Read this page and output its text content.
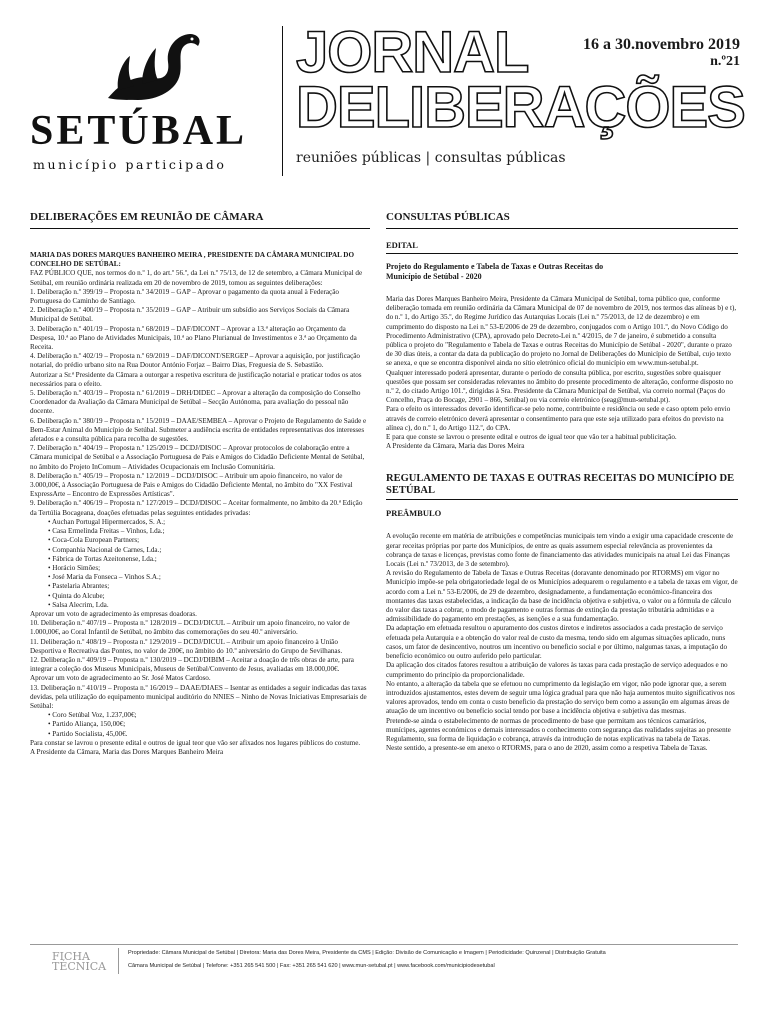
SETÚBAL
município participado
JORNAL
DELIBERAÇÕES
16 a 30.novembro 2019
n.º21
reuniões públicas | consultas públicas
DELIBERAÇÕES EM REUNIÃO DE CÂMARA	CONSULTAS PÚBLICAS

MARIA DAS DORES MARQUES BANHEIRO MEIRA , PRESIDENTE DA CÂMARA MUNICIPAL DO CONCELHO DE SETÚBAL:

FAZ PÚBLICO QUE, nos termos do n.º 1, do art.º 56.º, da Lei n.º 75/13, de 12 de setembro, a Câmara Municipal de Setúbal, em reunião ordinária realizada em 20 de novembro de 2019, tomou as seguintes deliberações:

1. Deliberação n.º 399/19 – Proposta n.º 34/2019 – GAP – Aprovar o pagamento da quota anual à Federação Portuguesa do Caminho de Santiago.

2. Deliberação n.º 400/19 – Proposta n.º 35/2019 – GAP – Atribuir um subsídio aos Serviços Sociais da Câmara Municipal de Setúbal.

3. Deliberação n.º 401/19 – Proposta n.º 68/2019 – DAF/DICONT – Aprovar a 13.ª alteração ao Orçamento da Despesa, 10.ª ao Plano de Atividades Municipais, 10.ª ao Plano Plurianual de Investimentos e 3.ª ao Orçamento da Receita.

4. Deliberação n.º 402/19 – Proposta n.º 69/2019 – DAF/DICONT/SERGEP – Aprovar a aquisição, por justificação notarial, do prédio urbano sito na Rua Doutor António Forjaz – Bairro Dias, Freguesia de S. Sebastião.

Autorizar a Sr.ª Presidente da Câmara a outorgar a respetiva escritura de justificação notarial e praticar todos os atos necessários para o efeito.

5. Deliberação n.º 403/19 – Proposta n.º 61/2019 – DRH/DIDEC – Aprovar a alteração da composição do Conselho Coordenador da Avaliação da Câmara Municipal de Setúbal – Secção Autónoma, para avaliação do pessoal não docente.

6. Deliberação n.º 380/19 – Proposta n.º 15/2019 – DAAE/SEMBEA – Aprovar o Projeto de Regulamento de Saúde e Bem-Estar Animal do Município de Setúbal. Submeter a audiência escrita de entidades representativas dos interesses afetados e a consulta pública para recolha de sugestões.

7. Deliberação n.º 404/19 – Proposta n.º 125/2019 – DCDJ/DISOC – Aprovar protocolos de colaboração entre a Câmara municipal de Setúbal e a Associação Portuguesa de Pais e Amigos do Cidadão Deficiente Mental de Setúbal, no âmbito do Projeto InComum – Atividades Ocupacionais em Inclusão Comunitária.

8. Deliberação n.º 405/19 – Proposta n.º 12/2019 – DCDJ/DISOC – Atribuir um apoio financeiro, no valor de 3.000,00€, à Associação Portuguesa de Pais e Amigos do Cidadão Deficiente Mental, no âmbito do "XX Festival ExpressArte – Encontro de Expressões Artísticas".

9. Deliberação n.º 406/19 – Proposta n.º 127/2019 – DCDJ/DISOC – Aceitar formalmente, no âmbito da 20.ª Edição da Tertúlia Bocageana, doações efetuadas pelas seguintes entidades privadas:

• Auchan Portugal Hipermercados, S. A.;
• Casa Ermelinda Freitas – Vinhos, Lda.;
• Coca-Cola European Partners;
• Companhia Nacional de Carnes, Lda.;
• Fábrica de Tortas Azeitonense, Lda.;
• Horácio Simões;
• José Maria da Fonseca – Vinhos S.A.;
• Pastelaria Abrantes;
• Quinta do Alcube;
• Salsa Alecrim, Lda.

Aprovar um voto de agradecimento às empresas doadoras.

10. Deliberação n.º 407/19 – Proposta n.º 128/2019 – DCDJ/DICUL – Atribuir um apoio financeiro, no valor de 1.000,00€, ao Coral Infantil de Setúbal, no âmbito das comemorações do seu 40.º aniversário.

11. Deliberação n.º 408/19 – Proposta n.º 129/2019 – DCDJ/DICUL – Atribuir um apoio financeiro à União Desportiva e Recreativa das Pontes, no valor de 200€, no âmbito do 10.º aniversário do Grupo de Sevilhanas.

12. Deliberação n.º 409/19 – Proposta n.º 130/2019 – DCDJ/DIBIM – Aceitar a doação de três obras de arte, para integrar a coleção dos Museus Municipais, Museus de Setúbal/Convento de Jesus, avaliadas em 18.000,00€.

Aprovar um voto de agradecimento ao Sr. José Matos Cardoso.

13. Deliberação n.º 410/19 – Proposta n.º 16/2019 – DAAE/DIAES – Isentar as entidades a seguir indicadas das taxas devidas, pela utilização do equipamento municipal auditório do NNIES – Ninho de Novas Iniciativas Empresariais de Setúbal:

• Coro Setúbal Voz, 1.237,00€;
• Partido Aliança, 150,00€;
• Partido Socialista, 45,00€.

Para constar se lavrou o presente edital e outros de igual teor que vão ser afixados nos lugares públicos do costume.

A Presidente da Câmara, Maria das Dores Marques Banheiro Meira

EDITAL
Projeto do Regulamento e Tabela de Taxas e Outras Receitas do Município de Setúbal - 2020

Maria das Dores Marques Banheiro Meira, Presidente da Câmara Municipal de Setúbal, torna público que, conforme deliberação tomada em reunião ordinária da Câmara Municipal de 07 de novembro de 2019, nos termos das alíneas b) e t), do n.º 1, do Artigo 35.º, do Regime Jurídico das Autarquias Locais (Lei n.º 75/2013, de 12 de dezembro) e em cumprimento do disposto na Lei n.º 53-E/2006 de 29 de dezembro, conjugados com o Artigo 101.º, do Novo Código do Procedimento Administrativo (CPA), aprovado pelo Decreto-Lei n.º 4/2015, de 7 de janeiro, é submetido a consulta pública o projeto do "Regulamento e Tabela de Taxas e outras Receitas do Município de Setúbal - 2020", durante o prazo de 30 dias úteis, a contar da data da publicação do projeto no Jornal de Deliberações do Município de Setúbal, cujo texto se anexa, e que se encontra disponível ainda no sítio eletrónico oficial do município em www.mun-setubal.pt.

Qualquer interessado poderá apresentar, durante o período de consulta pública, por escrito, sugestões sobre quaisquer questões que possam ser consideradas relevantes no âmbito do presente procedimento de alteração, conforme disposto no n.º 2, do citado Artigo 101.º, dirigidas à Sra. Presidente da Câmara Municipal de Setúbal, via correio normal (Paços do Concelho, Praça do Bocage, 2901 – 866, Setúbal) ou via correio eletrónico (seag@mun-setubal.pt).

Para o efeito os interessados deverão identificar-se pelo nome, contribuinte e residência ou sede e caso optem pelo envio através de correio eletrónico deverá apresentar o consentimento para que este seja utilizado para efeitos do previsto na alínea c), do n.º 1, do Artigo 112.º, do CPA.

E para que conste se lavrou o presente edital e outros de igual teor que vão ter a habitual publicitação.

A Presidente da Câmara, Maria das Dores Meira

REGULAMENTO DE TAXAS E OUTRAS RECEITAS DO MUNICÍPIO DE SETÚBAL
PREÂMBULO

A evolução recente em matéria de atribuições e competências municipais tem vindo a exigir uma capacidade crescente de gerar receitas próprias por parte dos Municípios, de entre as quais assumem especial relevância as provenientes da cobrança de taxas e licenças, previstas como fonte de financiamento das atividades municipais na atual Lei das Finanças Locais (Lei n.º 73/2013, de 3 de setembro).

A revisão do Regulamento de Tabela de Taxas e Outras Receitas (doravante denominado por RTORMS) em vigor no Município impõe-se pela obrigatoriedade legal de os Municípios adequarem o regulamento e a tabela de taxas em vigor, de acordo com a Lei n.º 53-E/2006, de 29 de dezembro, designadamente, a fundamentação económico-financeira dos montantes das taxas estabelecidas, a indicação da base de incidência objetiva e subjetiva, o valor ou a fórmula de cálculo do valor das taxas a cobrar, o modo de pagamento e outras formas de extinção da prestação tributária admitidas e a admissibilidade do pagamento em prestações, as isenções e a sua fundamentação.

Da adaptação em efetuada resultou o apuramento dos custos diretos e indiretos associados a cada prestação de serviço efetuada pela Autarquia e a obtenção do valor real de custo da mesma, tendo sido em algumas situações aplicado, nuns casos, um fator de desincentivo, noutros um incentivo ou beneficio social e por último, nalgumas taxas, a imputação do benefício económico ou outro auferido pelo particular.

Da aplicação dos citados fatores resultou a atribuição de valores às taxas para cada prestação de serviço adequados e no cumprimento do princípio da proporcionalidade.

No entanto, a alteração da tabela que se efetuou no cumprimento da legislação em vigor, não pode ignorar que, a serem introduzidos ajustamentos, estes devem de seguir uma lógica gradual para que não haja aumentos muito significativos nos valores aprovados, tendo em conta o custo beneficio da prestação do serviço bem como a assunção em algumas áreas de atuação de um incentivo ou benefício social tendo por base a incidência objetiva e subjetiva das mesmas.

Pretende-se ainda o estabelecimento de normas de procedimento de base que permitam aos técnicos camarários, munícipes, agentes económicos e demais interessados o conhecimento com segurança das realidades sujeitas ao presente Regulamento, sua forma de liquidação e cobrança, através da introdução de notas explicativas na tabela de Taxas.

Neste sentido, a presente-se em anexo o RTORMS, para o ano de 2020, assim como a respetiva Tabela de Taxas.

FICHA TÉCNICA
Propriedade: Câmara Municipal de Setúbal | Diretora: Maria das Dores Meira, Presidente da CMS | Edição: Divisão de Comunicação e Imagem | Periodicidade: Quinzenal | Distribuição Gratuita
Câmara Municipal de Setúbal | Telefone: +351 265 541 500 | Fax: +351 265 541 620 | www.mun-setubal.pt | www.facebook.com/municipiodesetubal
